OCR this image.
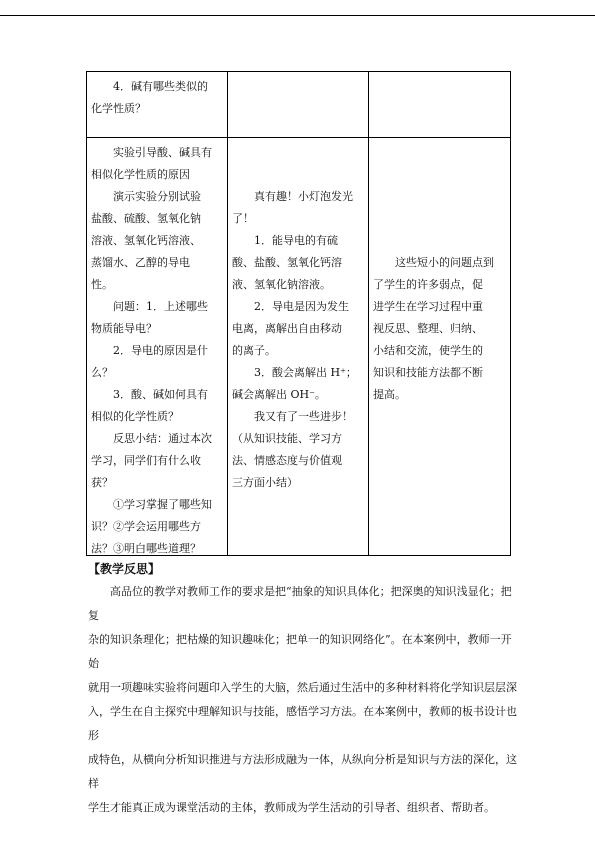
4．碱有哪些类似的

化学性质？

实验引导酸、碱具有

相似化学性质的原因

演示实验分别试验

盐酸、硫酸、氢氧化钠

溶液、氢氧化钙溶液、

蒸馏水、乙醇的导电

性。

问题：1．上述哪些

物质能导电？

2．导电的原因是什

么？

3．酸、碱如何具有

相似的化学性质？

反思小结：通过本次

学习，同学们有什么收

获？

①学习掌握了哪些知

识？②学会运用哪些方

法？③明白哪些道理？

真有趣！小灯泡发光

了！

1．能导电的有硫

酸、盐酸、氢氧化钙溶

液、氢氧化钠溶液。

2．导电是因为发生

电离，离解出自由移动

的离子。

3．酸会离解出 H⁺；

碱会离解出 OH⁻。

我又有了一些进步！

（从知识技能、学习方

法、情感态度与价值观

三方面小结）

这些短小的问题点到

了学生的许多弱点，促

进学生在学习过程中重

视反思、整理、归纳、

小结和交流，使学生的

知识和技能方法都不断

提高。

【教学反思】

高品位的教学对教师工作的要求是把“抽象的知识具体化；把深奥的知识浅显化；把复

杂的知识条理化；把枯燥的知识趣味化；把单一的知识网络化”。在本案例中，教师一开始

就用一项趣味实验将问题印入学生的大脑，然后通过生活中的多种材料将化学知识层层深

入，学生在自主探究中理解知识与技能，感悟学习方法。在本案例中，教师的板书设计也形

成特色，从横向分析知识推进与方法形成融为一体，从纵向分析是知识与方法的深化，这样

学生才能真正成为课堂活动的主体，教师成为学生活动的引导者、组织者、帮助者。
